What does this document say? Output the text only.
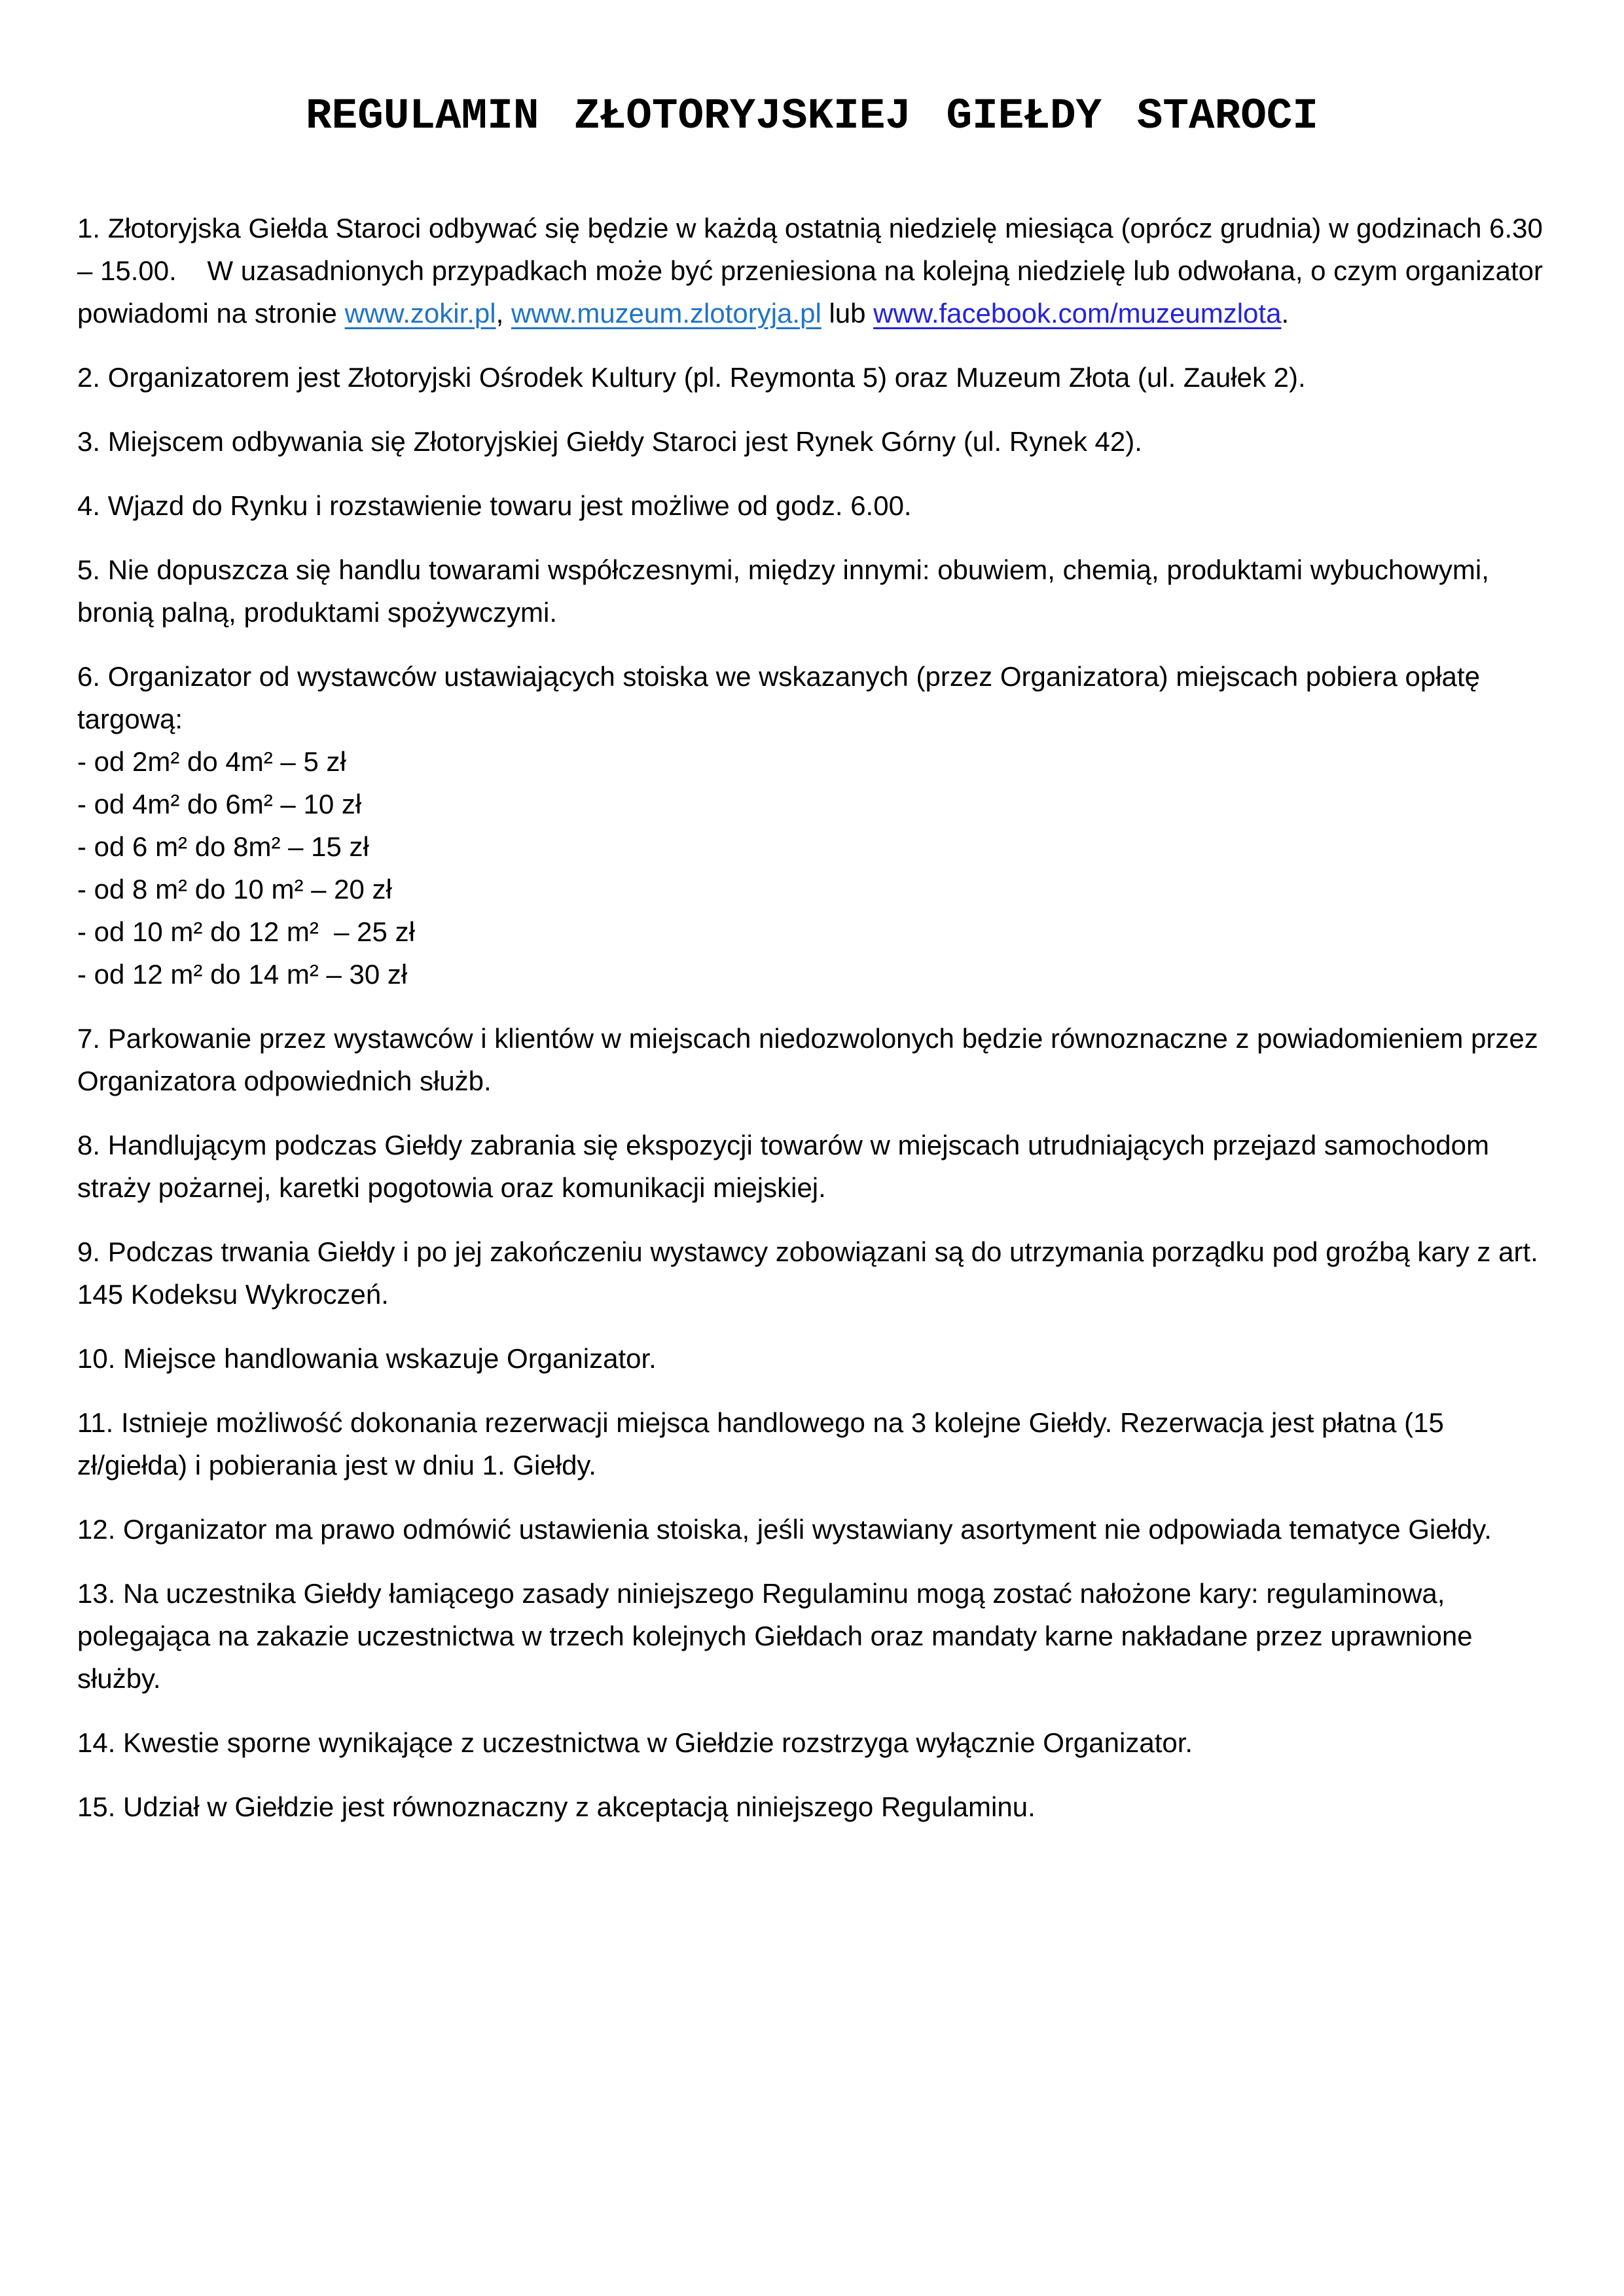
REGULAMIN ZŁOTORYJSKIEJ GIEŁDY STAROCI

1. Złotoryjska Giełda Staroci odbywać się będzie w każdą ostatnią niedzielę miesiąca (oprócz grudnia) w godzinach 6.30 – 15.00.    W uzasadnionych przypadkach może być przeniesiona na kolejną niedzielę lub odwołana, o czym organizator powiadomi na stronie www.zokir.pl, www.muzeum.zlotoryja.pl lub www.facebook.com/muzeumzlota.

2. Organizatorem jest Złotoryjski Ośrodek Kultury (pl. Reymonta 5) oraz Muzeum Złota (ul. Zaułek 2).

3. Miejscem odbywania się Złotoryjskiej Giełdy Staroci jest Rynek Górny (ul. Rynek 42).

4. Wjazd do Rynku i rozstawienie towaru jest możliwe od godz. 6.00.

5. Nie dopuszcza się handlu towarami współczesnymi, między innymi: obuwiem, chemią, produktami wybuchowymi, bronią palną, produktami spożywczymi.

6. Organizator od wystawców ustawiających stoiska we wskazanych (przez Organizatora) miejscach pobiera opłatę targową:
- od 2m² do 4m² – 5 zł
- od 4m² do 6m² – 10 zł
- od 6 m² do 8m² – 15 zł
- od 8 m² do 10 m² – 20 zł
- od 10 m² do 12 m²  – 25 zł
- od 12 m² do 14 m² – 30 zł

7. Parkowanie przez wystawców i klientów w miejscach niedozwolonych będzie równoznaczne z powiadomieniem przez Organizatora odpowiednich służb.

8. Handlującym podczas Giełdy zabrania się ekspozycji towarów w miejscach utrudniających przejazd samochodom straży pożarnej, karetki pogotowia oraz komunikacji miejskiej.

9. Podczas trwania Giełdy i po jej zakończeniu wystawcy zobowiązani są do utrzymania porządku pod groźbą kary z art. 145 Kodeksu Wykroczeń.

10. Miejsce handlowania wskazuje Organizator.

11. Istnieje możliwość dokonania rezerwacji miejsca handlowego na 3 kolejne Giełdy. Rezerwacja jest płatna (15 zł/giełda) i pobierania jest w dniu 1. Giełdy.

12. Organizator ma prawo odmówić ustawienia stoiska, jeśli wystawiany asortyment nie odpowiada tematyce Giełdy.

13. Na uczestnika Giełdy łamiącego zasady niniejszego Regulaminu mogą zostać nałożone kary: regulaminowa, polegająca na zakazie uczestnictwa w trzech kolejnych Giełdach oraz mandaty karne nakładane przez uprawnione służby.

14. Kwestie sporne wynikające z uczestnictwa w Giełdzie rozstrzyga wyłącznie Organizator.

15. Udział w Giełdzie jest równoznaczny z akceptacją niniejszego Regulaminu.
